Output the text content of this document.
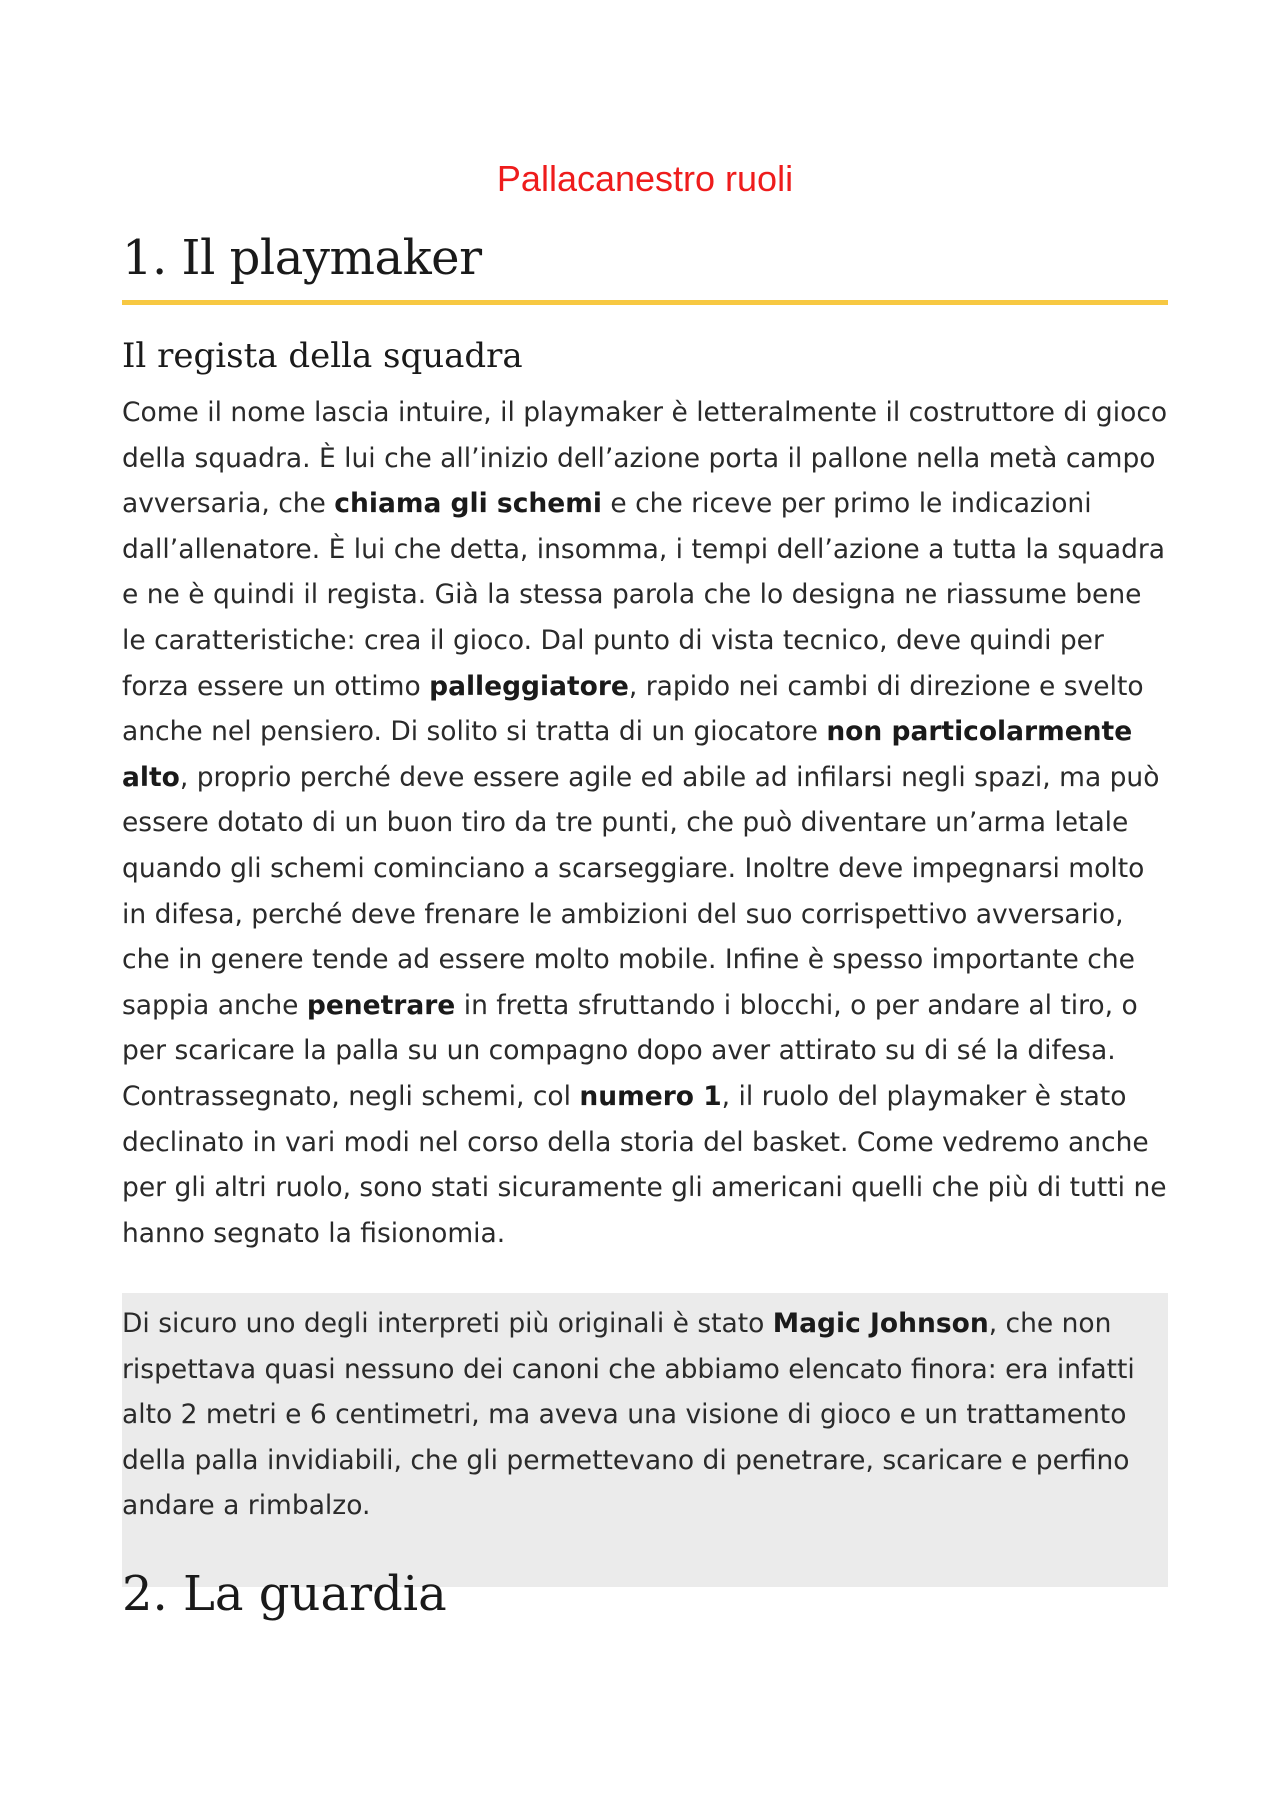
Pallacanestro ruoli
1. Il playmaker
Il regista della squadra

Come il nome lascia intuire, il playmaker è letteralmente il costruttore di gioco della squadra. È lui che all’inizio dell’azione porta il pallone nella metà campo avversaria, che chiama gli schemi e che riceve per primo le indicazioni dall’allenatore. È lui che detta, insomma, i tempi dell’azione a tutta la squadra e ne è quindi il regista. Già la stessa parola che lo designa ne riassume bene le caratteristiche: crea il gioco. Dal punto di vista tecnico, deve quindi per forza essere un ottimo palleggiatore, rapido nei cambi di direzione e svelto anche nel pensiero. Di solito si tratta di un giocatore non particolarmente alto, proprio perché deve essere agile ed abile ad infilarsi negli spazi, ma può essere dotato di un buon tiro da tre punti, che può diventare un’arma letale quando gli schemi cominciano a scarseggiare. Inoltre deve impegnarsi molto in difesa, perché deve frenare le ambizioni del suo corrispettivo avversario, che in genere tende ad essere molto mobile. Infine è spesso importante che sappia anche penetrare in fretta sfruttando i blocchi, o per andare al tiro, o per scaricare la palla su un compagno dopo aver attirato su di sé la difesa. Contrassegnato, negli schemi, col numero 1, il ruolo del playmaker è stato declinato in vari modi nel corso della storia del basket. Come vedremo anche per gli altri ruolo, sono stati sicuramente gli americani quelli che più di tutti ne hanno segnato la fisionomia.

Di sicuro uno degli interpreti più originali è stato Magic Johnson, che non rispettava quasi nessuno dei canoni che abbiamo elencato finora: era infatti alto 2 metri e 6 centimetri, ma aveva una visione di gioco e un trattamento della palla invidiabili, che gli permettevano di penetrare, scaricare e perfino andare a rimbalzo.

2. La guardia
